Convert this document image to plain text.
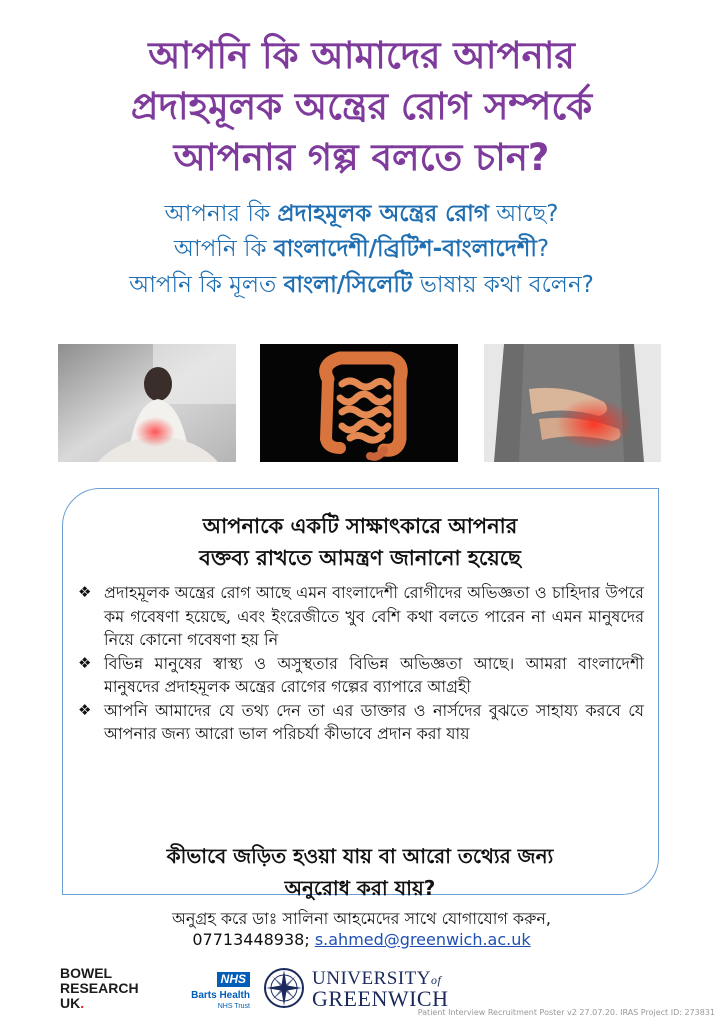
আপনি কি আমাদের আপনার
প্রদাহমূলক অন্ত্রের রোগ সম্পর্কে
আপনার গল্প বলতে চান?
আপনার কি প্রদাহমূলক অন্ত্রের রোগ আছে?
আপনি কি বাংলাদেশী/ব্রিটিশ-বাংলাদেশী?
আপনি কি মূলত বাংলা/সিলেটি ভাষায় কথা বলেন?
আপনাকে একটি সাক্ষাৎকারে আপনার
বক্তব্য রাখতে আমন্ত্রণ জানানো হয়েছে
❖ প্রদাহমূলক অন্ত্রের রোগ আছে এমন বাংলাদেশী রোগীদের অভিজ্ঞতা ও চাহিদার উপরে কম গবেষণা হয়েছে, এবং ইংরেজীতে খুব বেশি কথা বলতে পারেন না এমন মানুষদের নিয়ে কোনো গবেষণা হয় নি
❖ বিভিন্ন মানুষের স্বাস্থ্য ও অসুস্থতার বিভিন্ন অভিজ্ঞতা আছে। আমরা বাংলাদেশী মানুষদের প্রদাহমূলক অন্ত্রের রোগের গল্পের ব্যাপারে আগ্রহী
❖ আপনি আমাদের যে তথ্য দেন তা এর ডাক্তার ও নার্সদের বুঝতে সাহায্য করবে যে আপনার জন্য আরো ভাল পরিচর্যা কীভাবে প্রদান করা যায়
কীভাবে জড়িত হওয়া যায় বা আরো তথ্যের জন্য
অনুরোধ করা যায়?
অনুগ্রহ করে ডাঃ সালিনা আহমেদের সাথে যোগাযোগ করুন,
07713448938; s.ahmed@greenwich.ac.uk
BOWEL
RESEARCH
UK.
NHS
Barts Health
NHS Trust
UNIVERSITYof
GREENWICH
Patient Interview Recruitment Poster v2 27.07.20. IRAS Project ID: 273831
